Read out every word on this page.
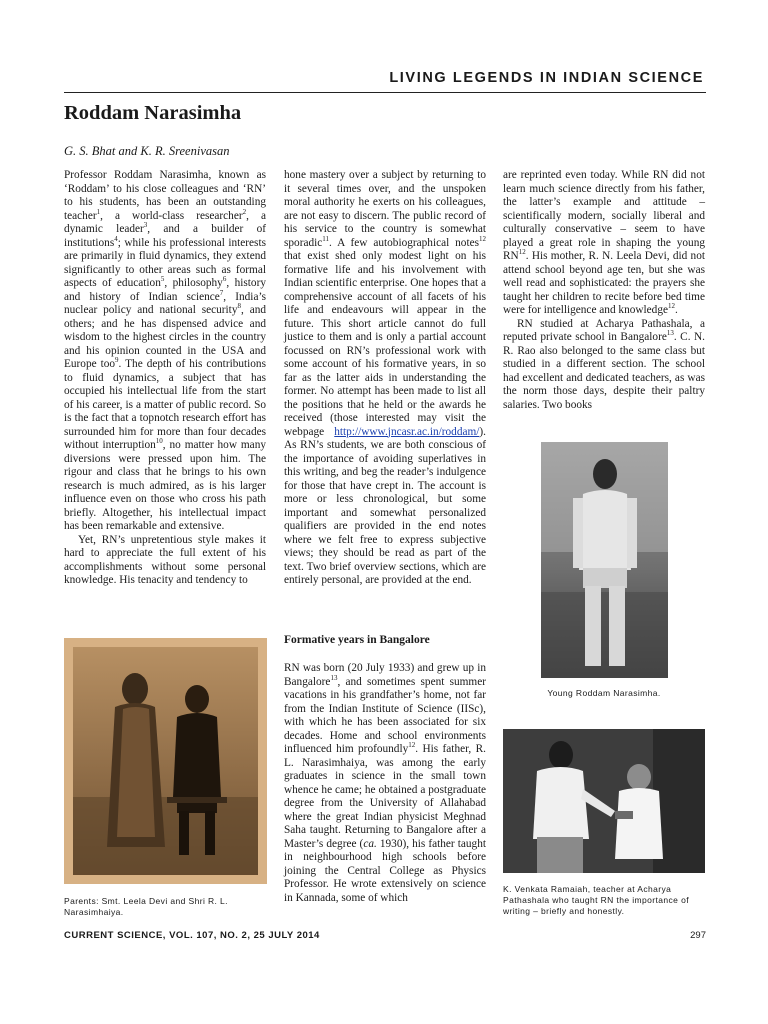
LIVING LEGENDS IN INDIAN SCIENCE
Roddam Narasimha
G. S. Bhat and K. R. Sreenivasan

Professor Roddam Narasimha, known as ‘Roddam’ to his close colleagues and ‘RN’ to his students, has been an outstanding teacher$^1$, a world-class researcher$^2$, a dynamic leader$^3$, and a builder of institutions$^4$; while his professional interests are primarily in fluid dynamics, they extend significantly to other areas such as formal aspects of education$^5$, philosophy$^6$, history and history of Indian science$^7$, India’s nuclear policy and national security$^8$, and others; and he has dispensed advice and wisdom to the highest circles in the country and his opinion counted in the USA and Europe too$^9$. The depth of his contributions to fluid dynamics, a subject that has occupied his intellectual life from the start of his career, is a matter of public record. So is the fact that a topnotch research effort has surrounded him for more than four decades without interruption$^{10}$, no matter how many diversions were pressed upon him. The rigour and class that he brings to his own research is much admired, as is his larger influence even on those who cross his path briefly. Altogether, his intellectual impact has been remarkable and extensive.

Yet, RN’s unpretentious style makes it hard to appreciate the full extent of his accomplishments without some personal knowledge. His tenacity and tendency to

hone mastery over a subject by returning to it several times over, and the unspoken moral authority he exerts on his colleagues, are not easy to discern. The public record of his service to the country is somewhat sporadic$^{11}$. A few autobiographical notes$^{12}$ that exist shed only modest light on his formative life and his involvement with Indian scientific enterprise. One hopes that a comprehensive account of all facets of his life and endeavours will appear in the future. This short article cannot do full justice to them and is only a partial account focussed on RN’s professional work with some account of his formative years, in so far as the latter aids in understanding the former. No attempt has been made to list all the positions that he held or the awards he received (those interested may visit the webpage http://www.jncasr.ac.in/roddam/). As RN’s students, we are both conscious of the importance of avoiding superlatives in this writing, and beg the reader’s indulgence for those that have crept in. The account is more or less chronological, but some important and somewhat personalized qualifiers are provided in the end notes where we felt free to express subjective views; they should be read as part of the text. Two brief overview sections, which are entirely personal, are provided at the end.

Formative years in Bangalore

RN was born (20 July 1933) and grew up in Bangalore$^{13}$, and sometimes spent summer vacations in his grandfather’s home, not far from the Indian Institute of Science (IISc), with which he has been associated for six decades. Home and school environments influenced him profoundly$^{12}$. His father, R. L. Narasimhaiya, was among the early graduates in science in the small town whence he came; he obtained a postgraduate degree from the University of Allahabad where the great Indian physicist Meghnad Saha taught. Returning to Bangalore after a Master’s degree (ca. 1930), his father taught in neighbourhood high schools before joining the Central College as Physics Professor. He wrote extensively on science in Kannada, some of which

are reprinted even today. While RN did not learn much science directly from his father, the latter’s example and attitude – scientifically modern, socially liberal and culturally conservative – seem to have played a great role in shaping the young RN$^{12}$. His mother, R. N. Leela Devi, did not attend school beyond age ten, but she was well read and sophisticated: the prayers she taught her children to recite before bed time were for intelligence and knowledge$^{12}$.

RN studied at Acharya Pathashala, a reputed private school in Bangalore$^{13}$. C. N. R. Rao also belonged to the same class but studied in a different section. The school had excellent and dedicated teachers, as was the norm those days, despite their paltry salaries. Two books

Parents: Smt. Leela Devi and Shri R. L. Narasimhaiya.
Young Roddam Narasimha.
K. Venkata Ramaiah, teacher at Acharya Pathashala who taught RN the importance of writing – briefly and honestly.
CURRENT SCIENCE, VOL. 107, NO. 2, 25 JULY 2014	297
